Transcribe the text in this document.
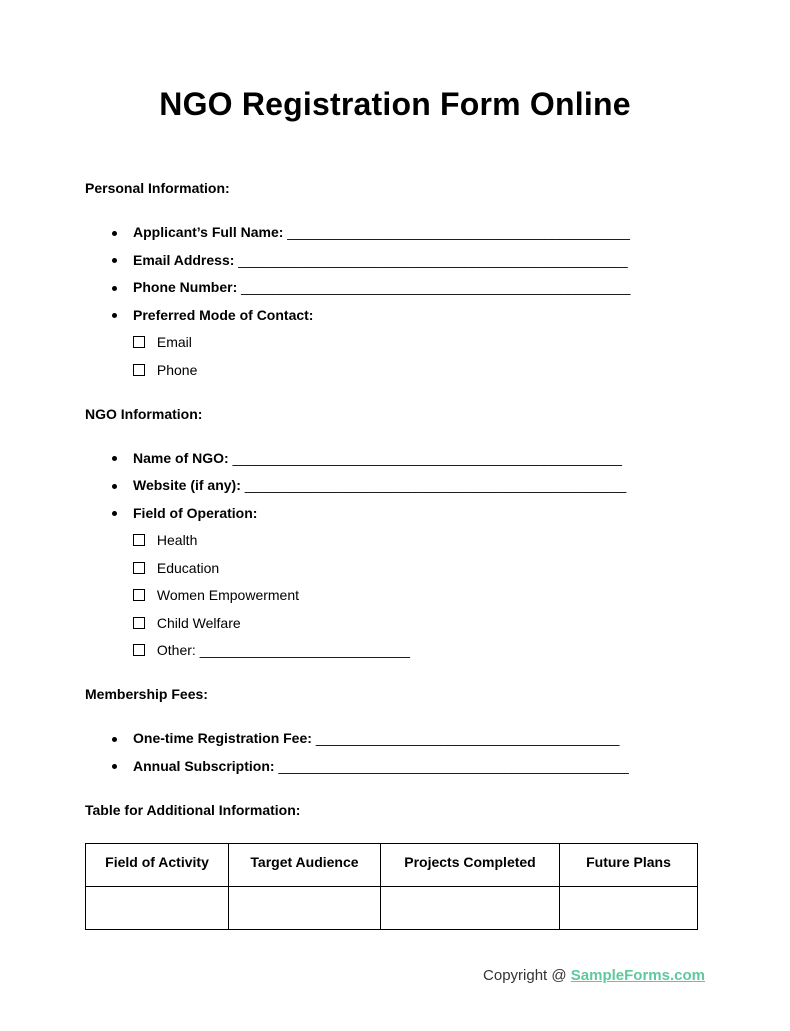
NGO Registration Form Online
Personal Information:
Applicant’s Full Name: ____________________________________________
Email Address: __________________________________________________
Phone Number: __________________________________________________
Preferred Mode of Contact:
Email
Phone
NGO Information:
Name of NGO: __________________________________________________
Website (if any): _________________________________________________
Field of Operation:
Health
Education
Women Empowerment
Child Welfare
Other: ___________________________
Membership Fees:
One-time Registration Fee: _______________________________________
Annual Subscription: _____________________________________________
Table for Additional Information:
Field of Activity	Target Audience	Projects Completed	Future Plans

Copyright @ SampleForms.com
